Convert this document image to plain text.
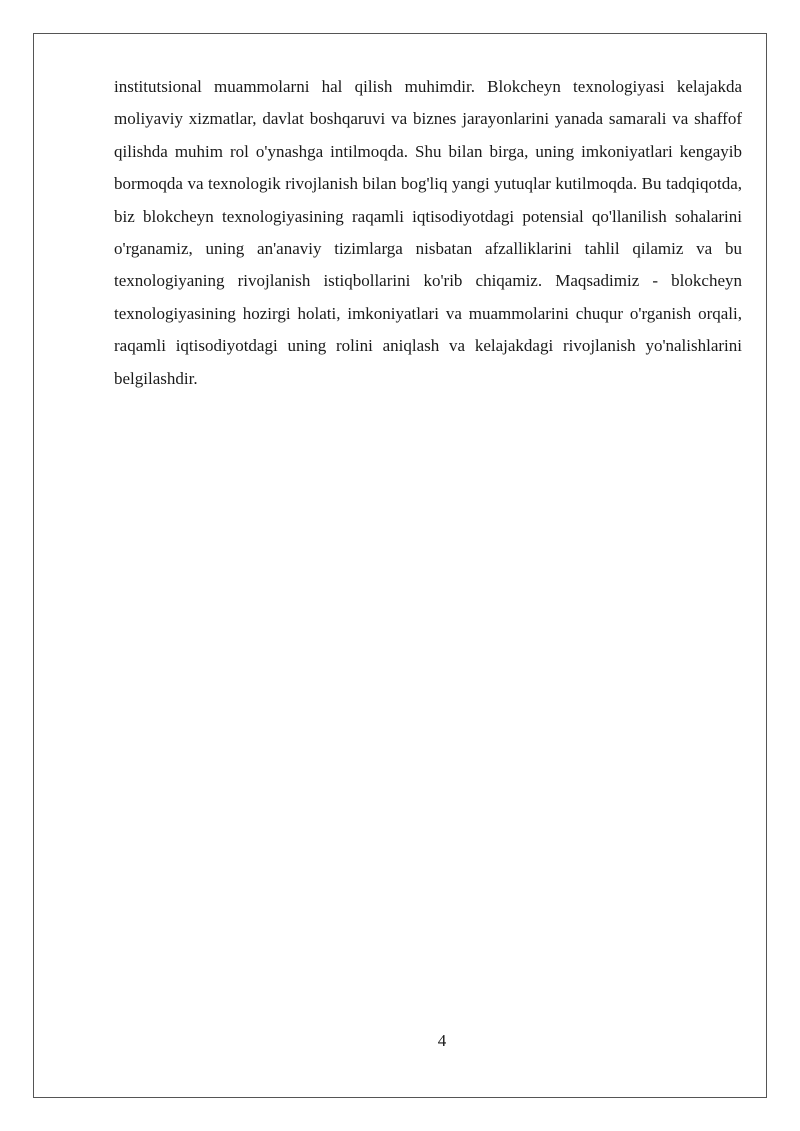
institutsional muammolarni hal qilish muhimdir. Blokcheyn texnologiyasi kelajakda moliyaviy xizmatlar, davlat boshqaruvi va biznes jarayonlarini yanada samarali va shaffof qilishda muhim rol o'ynashga intilmoqda. Shu bilan birga, uning imkoniyatlari kengayib bormoqda va texnologik rivojlanish bilan bog'liq yangi yutuqlar kutilmoqda. Bu tadqiqotda, biz blokcheyn texnologiyasining raqamli iqtisodiyotdagi potensial qo'llanilish sohalarini o'rganamiz, uning an'anaviy tizimlarga nisbatan afzalliklarini tahlil qilamiz va bu texnologiyaning rivojlanish istiqbollarini ko'rib chiqamiz. Maqsadimiz - blokcheyn texnologiyasining hozirgi holati, imkoniyatlari va muammolarini chuqur o'rganish orqali, raqamli iqtisodiyotdagi uning rolini aniqlash va kelajakdagi rivojlanish yo'nalishlarini belgilashdir.

4
